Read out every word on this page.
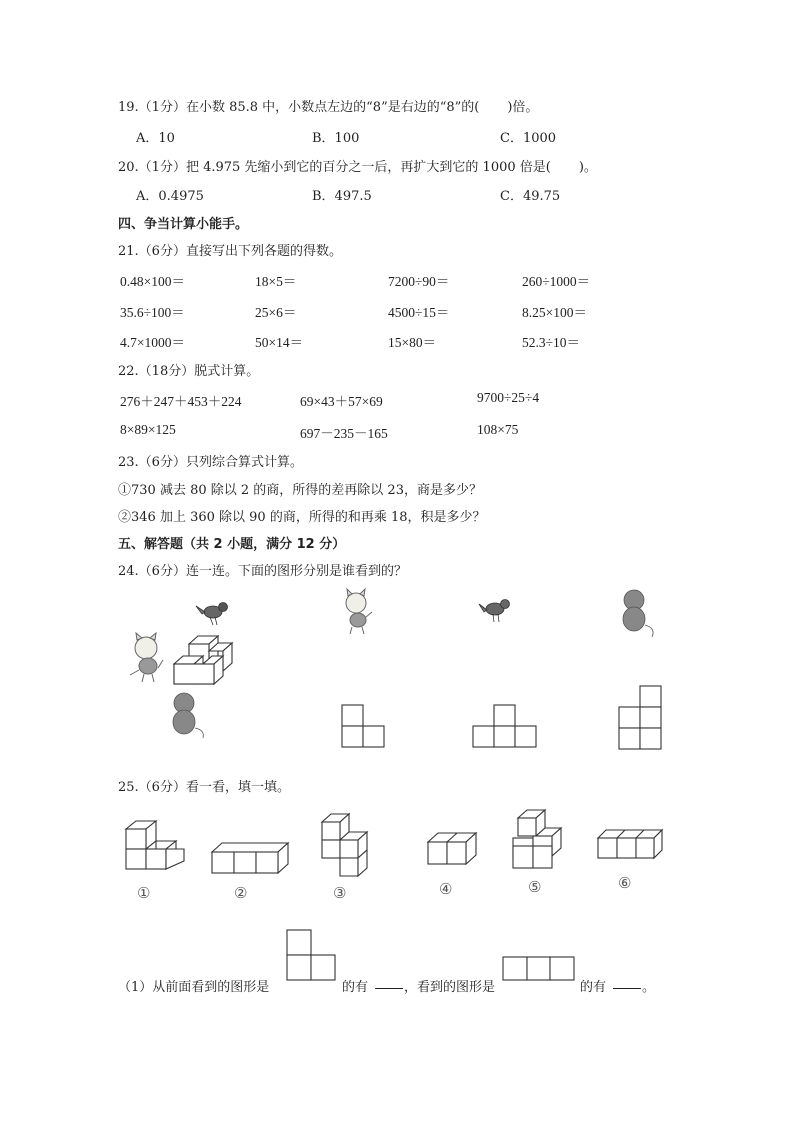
19.（1分）在小数 85.8 中，小数点左边的“8”是右边的“8”的( )倍。
A．10	B．100	C．1000
20.（1分）把 4.975 先缩小到它的百分之一后，再扩大到它的 1000 倍是( )。
A．0.4975	B．497.5	C．49.75
四、争当计算小能手。
21.（6分）直接写出下列各题的得数。
0.48×100＝	18×5＝	7200÷90＝	260÷1000＝
35.6÷100＝	25×6＝	4500÷15＝	8.25×100＝
4.7×1000＝	50×14＝	15×80＝	52.3÷10＝
22.（18分）脱式计算。
276＋247＋453＋224	69×43＋57×69	9700÷25÷4
8×89×125	697－235－165	108×75
23.（6分）只列综合算式计算。
①730 减去 80 除以 2 的商，所得的差再除以 23，商是多少？
②346 加上 360 除以 90 的商，所得的和再乘 18，积是多少？
五、解答题（共 2 小题，满分 12 分）
24.（6分）连一连。下面的图形分别是谁看到的？
25.（6分）看一看，填一填。
①	②	③	④	⑤	⑥
（1）从前面看到的图形是	的有	，看到的图形是	的有	。
